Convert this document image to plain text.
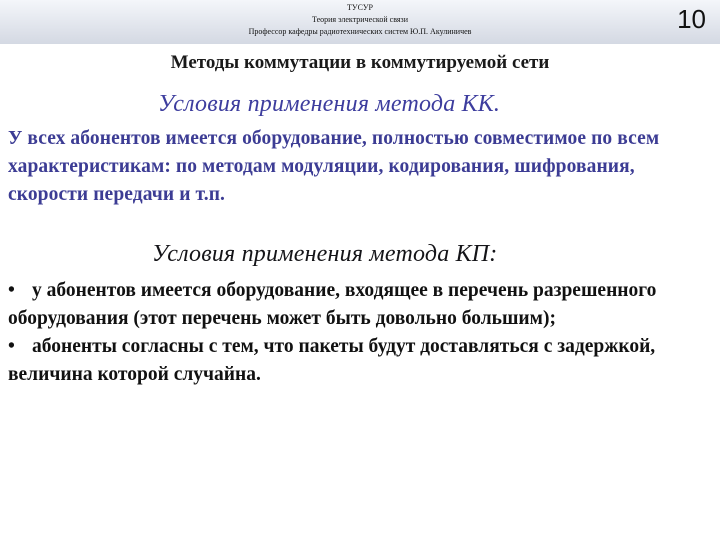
ТУСУР
Теория электрической связи
Профессор кафедры радиотехнических систем Ю.П. Акулиничев	10
Методы коммутации в коммутируемой сети
Условия применения метода КК.
У всех абонентов имеется оборудование, полностью совместимое по всем характеристикам: по методам модуляции, кодирования, шифрования, скорости передачи и т.п.
Условия применения метода КП:

• у абонентов имеется оборудование, входящее в перечень разрешенного оборудования (этот перечень может быть довольно большим);

• абоненты согласны с тем, что пакеты будут доставляться с задержкой, величина которой случайна.
